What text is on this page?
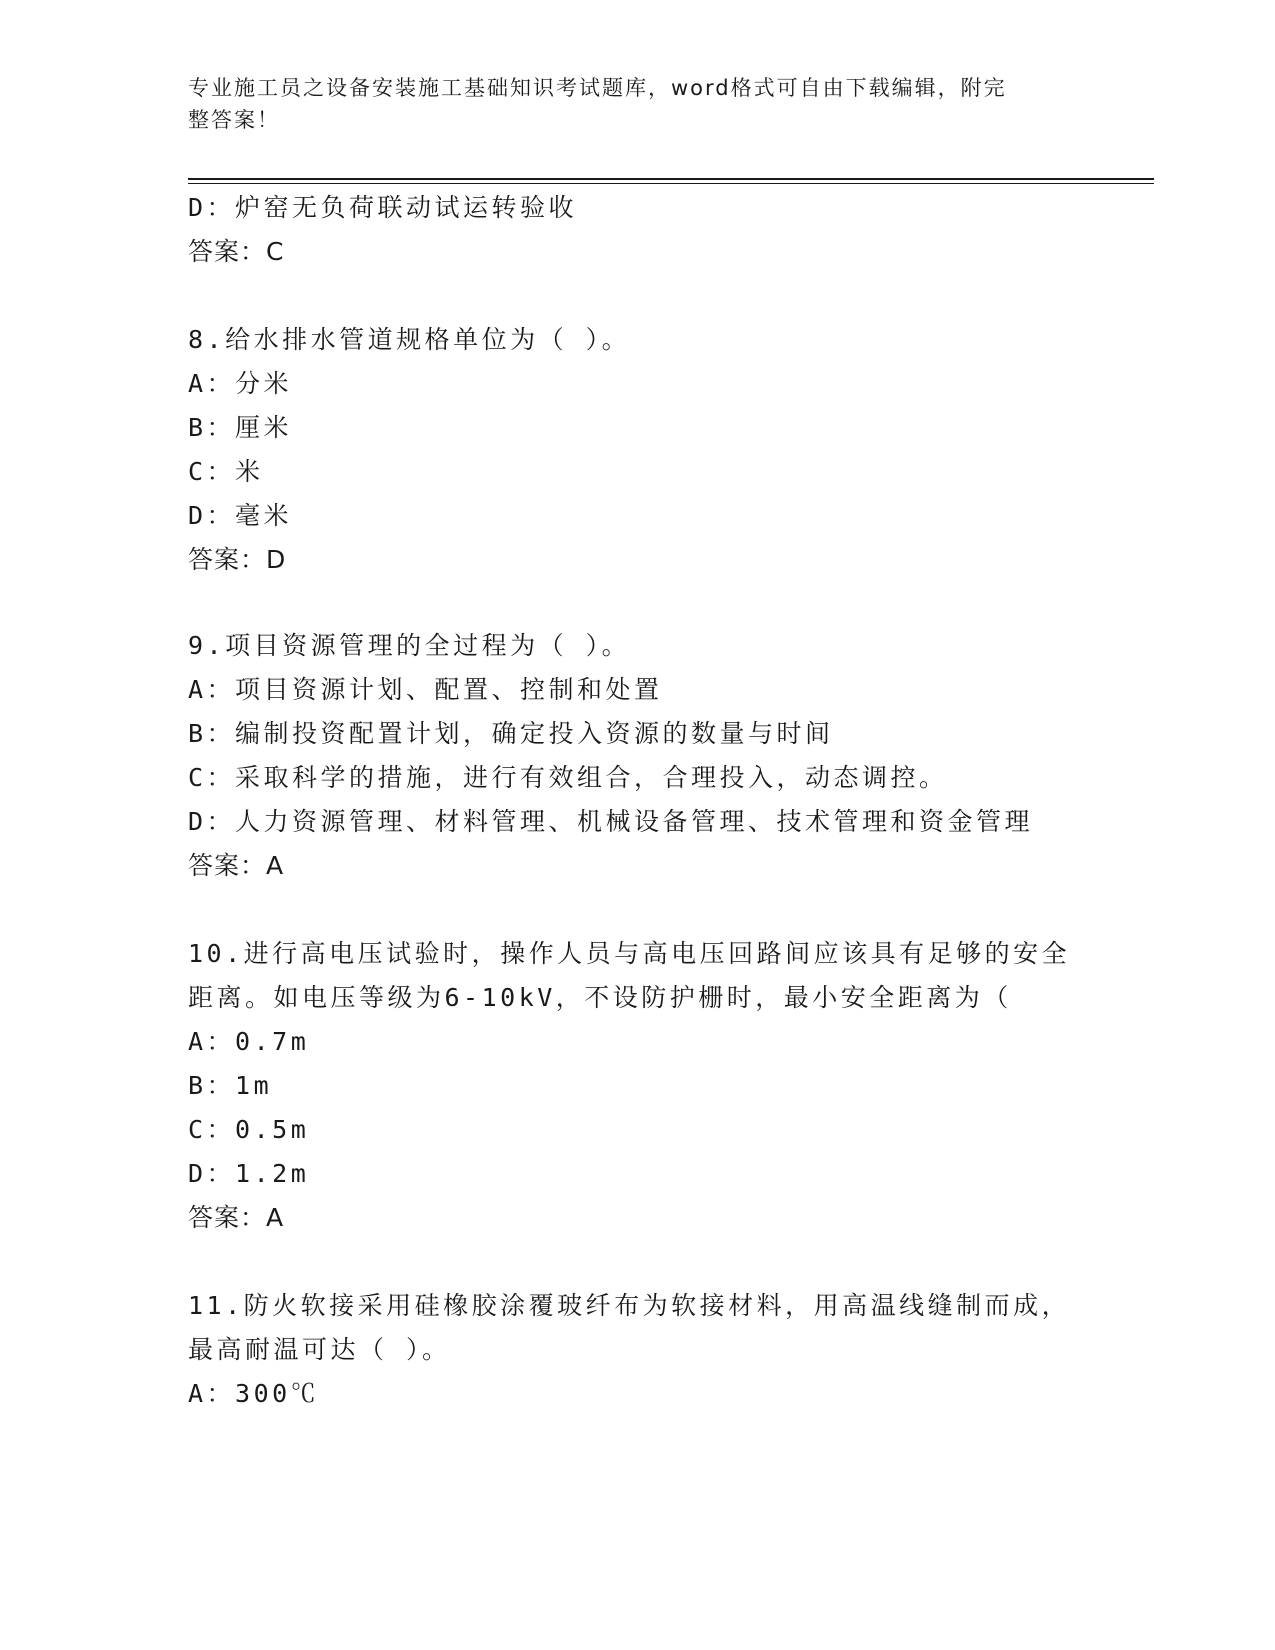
专业施工员之设备安装施工基础知识考试题库，word格式可自由下载编辑，附完
整答案！
D：炉窑无负荷联动试运转验收
答案：C
8.给水排水管道规格单位为（ ）。
A：分米
B：厘米
C：米
D：毫米
答案：D
9.项目资源管理的全过程为（ ）。
A：项目资源计划、配置、控制和处置
B：编制投资配置计划，确定投入资源的数量与时间
C：采取科学的措施，进行有效组合，合理投入，动态调控。
D：人力资源管理、材料管理、机械设备管理、技术管理和资金管理
答案：A
10.进行高电压试验时，操作人员与高电压回路间应该具有足够的安全
距离。如电压等级为6-10kV，不设防护栅时，最小安全距离为（
A：0.7m
B：1m
C：0.5m
D：1.2m
答案：A
11.防火软接采用硅橡胶涂覆玻纤布为软接材料，用高温线缝制而成，
最高耐温可达（ ）。
A：300℃
